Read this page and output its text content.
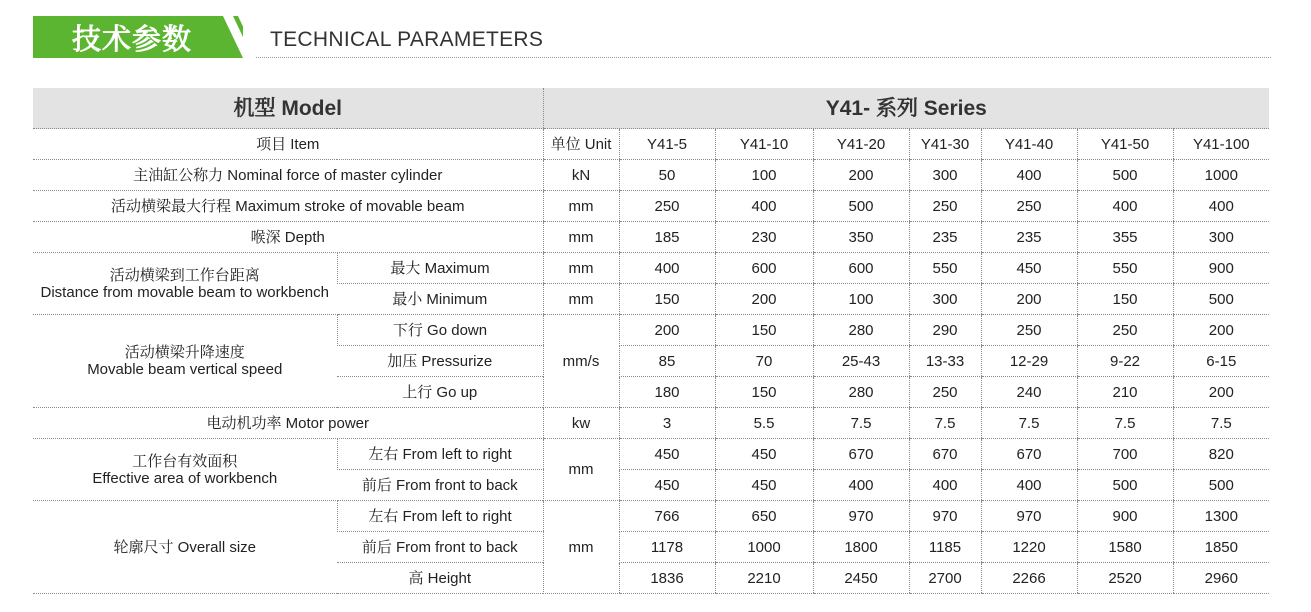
技术参数	TECHNICAL PARAMETERS
机型 Model		Y41- 系列 Series							
项目 Item		单位 Unit	Y41-5	Y41-10	Y41-20	Y41-30	Y41-40	Y41-50	Y41-100
主油缸公称力 Nominal force of master cylinder		kN	50	100	200	300	400	500	1000
活动横梁最大行程 Maximum stroke of movable beam		mm	250	400	500	250	250	400	400
喉深 Depth		mm	185	230	350	235	235	355	300

活动横梁到工作台距离
Distance from movable beam to workbench	最大 Maximum	mm	400	600	600	550	450	550	900
	最小 Minimum	mm	150	200	100	300	200	150	500

活动横梁升降速度
Movable beam vertical speed	下行 Go down	mm/s	200	150	280	290	250	250	200
	加压 Pressurize		85	70	25-43	13-33	12-29	9-22	6-15
	上行 Go up		180	150	280	250	240	210	200
电动机功率 Motor power		kw	3	5.5	7.5	7.5	7.5	7.5	7.5

工作台有效面积
Effective area of workbench	左右 From left to right	mm	450	450	670	670	670	700	820
	前后 From front to back		450	450	400	400	400	500	500
轮廓尺寸 Overall size	左右 From left to right	mm	766	650	970	970	970	900	1300
	前后 From front to back		1178	1000	1800	1185	1220	1580	1850
	高 Height		1836	2210	2450	2700	2266	2520	2960
